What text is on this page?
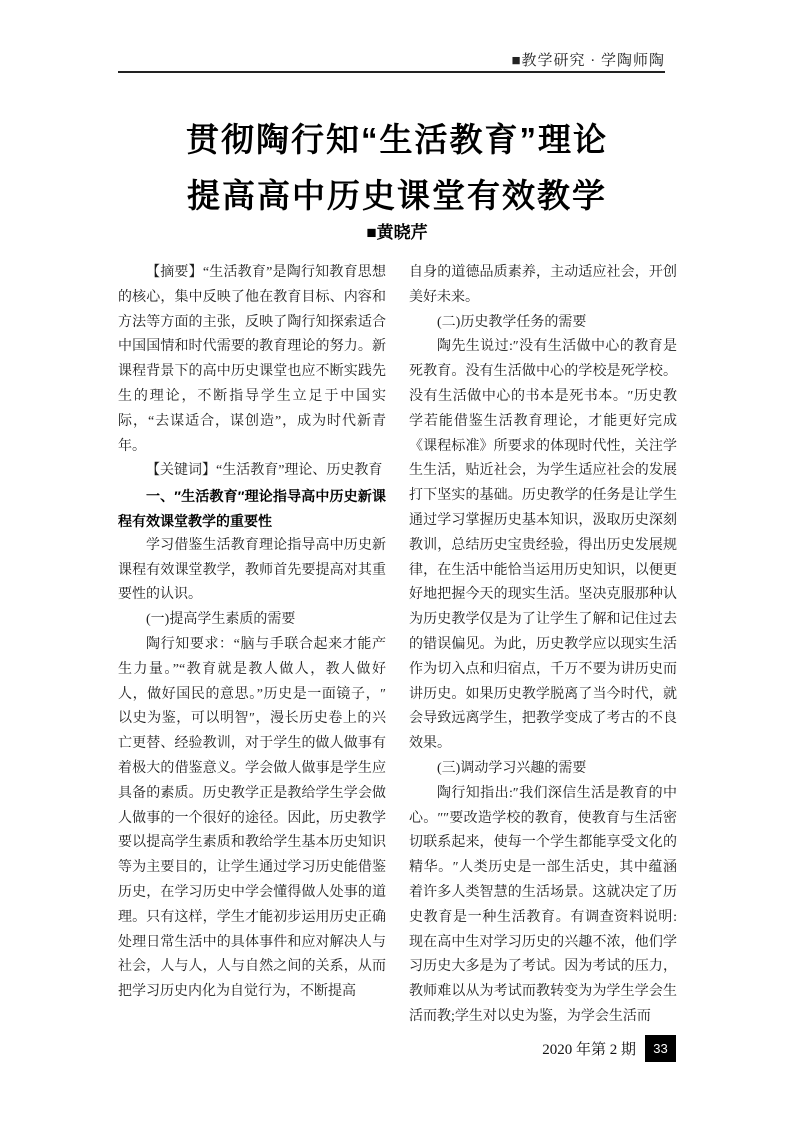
■教学研究 · 学陶师陶
贯彻陶行知“生活教育”理论
提高高中历史课堂有效教学
■黄晓芹

【摘要】“生活教育”是陶行知教育思想的核心，集中反映了他在教育目标、内容和方法等方面的主张，反映了陶行知探索适合中国国情和时代需要的教育理论的努力。新课程背景下的高中历史课堂也应不断实践先生的理论，不断指导学生立足于中国实际，“去谋适合，谋创造”，成为时代新青年。

【关键词】“生活教育”理论、历史教育

一、″生活教育″理论指导高中历史新课程有效课堂教学的重要性

学习借鉴生活教育理论指导高中历史新课程有效课堂教学，教师首先要提高对其重要性的认识。

(一)提高学生素质的需要

陶行知要求：“脑与手联合起来才能产生力量。”“教育就是教人做人，教人做好人，做好国民的意思。”历史是一面镜子，″以史为鉴，可以明智″，漫长历史卷上的兴亡更替、经验教训，对于学生的做人做事有着极大的借鉴意义。学会做人做事是学生应具备的素质。历史教学正是教给学生学会做人做事的一个很好的途径。因此，历史教学要以提高学生素质和教给学生基本历史知识等为主要目的，让学生通过学习历史能借鉴历史，在学习历史中学会懂得做人处事的道理。只有这样，学生才能初步运用历史正确处理日常生活中的具体事件和应对解决人与社会，人与人，人与自然之间的关系，从而把学习历史内化为自觉行为，不断提高

自身的道德品质素养，主动适应社会，开创美好未来。

(二)历史教学任务的需要

陶先生说过:″没有生活做中心的教育是死教育。没有生活做中心的学校是死学校。没有生活做中心的书本是死书本。″历史教学若能借鉴生活教育理论，才能更好完成《课程标准》所要求的体现时代性，关注学生生活，贴近社会，为学生适应社会的发展打下坚实的基础。历史教学的任务是让学生通过学习掌握历史基本知识，汲取历史深刻教训，总结历史宝贵经验，得出历史发展规律，在生活中能恰当运用历史知识，以便更好地把握今天的现实生活。坚决克服那种认为历史教学仅是为了让学生了解和记住过去的错误偏见。为此，历史教学应以现实生活作为切入点和归宿点，千万不要为讲历史而讲历史。如果历史教学脱离了当今时代，就会导致远离学生，把教学变成了考古的不良效果。

(三)调动学习兴趣的需要

陶行知指出:″我们深信生活是教育的中心。″″要改造学校的教育，使教育与生活密切联系起来，使每一个学生都能享受文化的精华。″人类历史是一部生活史，其中蕴涵着许多人类智慧的生活场景。这就决定了历史教育是一种生活教育。有调查资料说明:现在高中生对学习历史的兴趣不浓，他们学习历史大多是为了考试。因为考试的压力，教师难以从为考试而教转变为为学生学会生活而教;学生对以史为鉴，为学会生活而

2020 年第 2 期	33
